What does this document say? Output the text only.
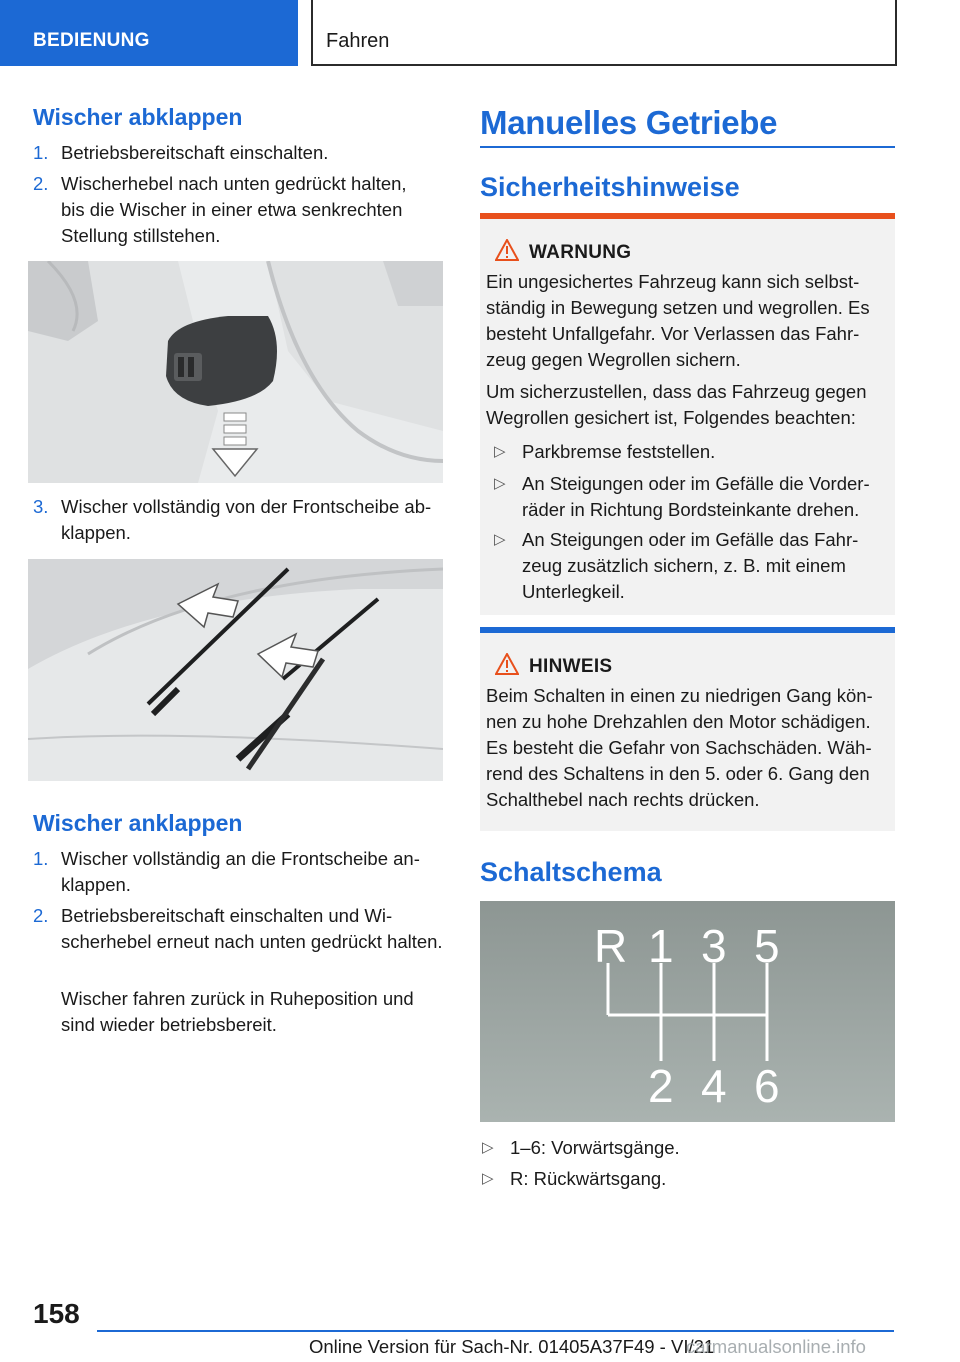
BEDIENUNG	Fahren
Wischer abklappen
1. Betriebsbereitschaft einschalten.
2. Wischerhebel nach unten gedrückt halten, bis die Wischer in einer etwa senkrechten Stellung stillstehen.
3. Wischer vollständig von der Frontscheibe abklappen.
Wischer anklappen
1. Wischer vollständig an die Frontscheibe anklappen.
2. Betriebsbereitschaft einschalten und Wischerhebel erneut nach unten gedrückt halten.
Wischer fahren zurück in Ruheposition und sind wieder betriebsbereit.
Manuelles Getriebe
Sicherheitshinweise
WARNUNG
Ein ungesichertes Fahrzeug kann sich selbstständig in Bewegung setzen und wegrollen. Es besteht Unfallgefahr. Vor Verlassen das Fahrzeug gegen Wegrollen sichern.
Um sicherzustellen, dass das Fahrzeug gegen Wegrollen gesichert ist, Folgendes beachten:
▷ Parkbremse feststellen.
▷ An Steigungen oder im Gefälle die Vorderräder in Richtung Bordsteinkante drehen.
▷ An Steigungen oder im Gefälle das Fahrzeug zusätzlich sichern, z. B. mit einem Unterlegkeil.
HINWEIS
Beim Schalten in einen zu niedrigen Gang können zu hohe Drehzahlen den Motor schädigen. Es besteht die Gefahr von Sachschäden. Während des Schaltens in den 5. oder 6. Gang den Schalthebel nach rechts drücken.
Schaltschema
R 1 3 5
2 4 6
▷ 1–6: Vorwärtsgänge.
▷ R: Rückwärtsgang.
158
Online Version für Sach-Nr. 01405A37F49 - VI/21
carmanualsonline.info
